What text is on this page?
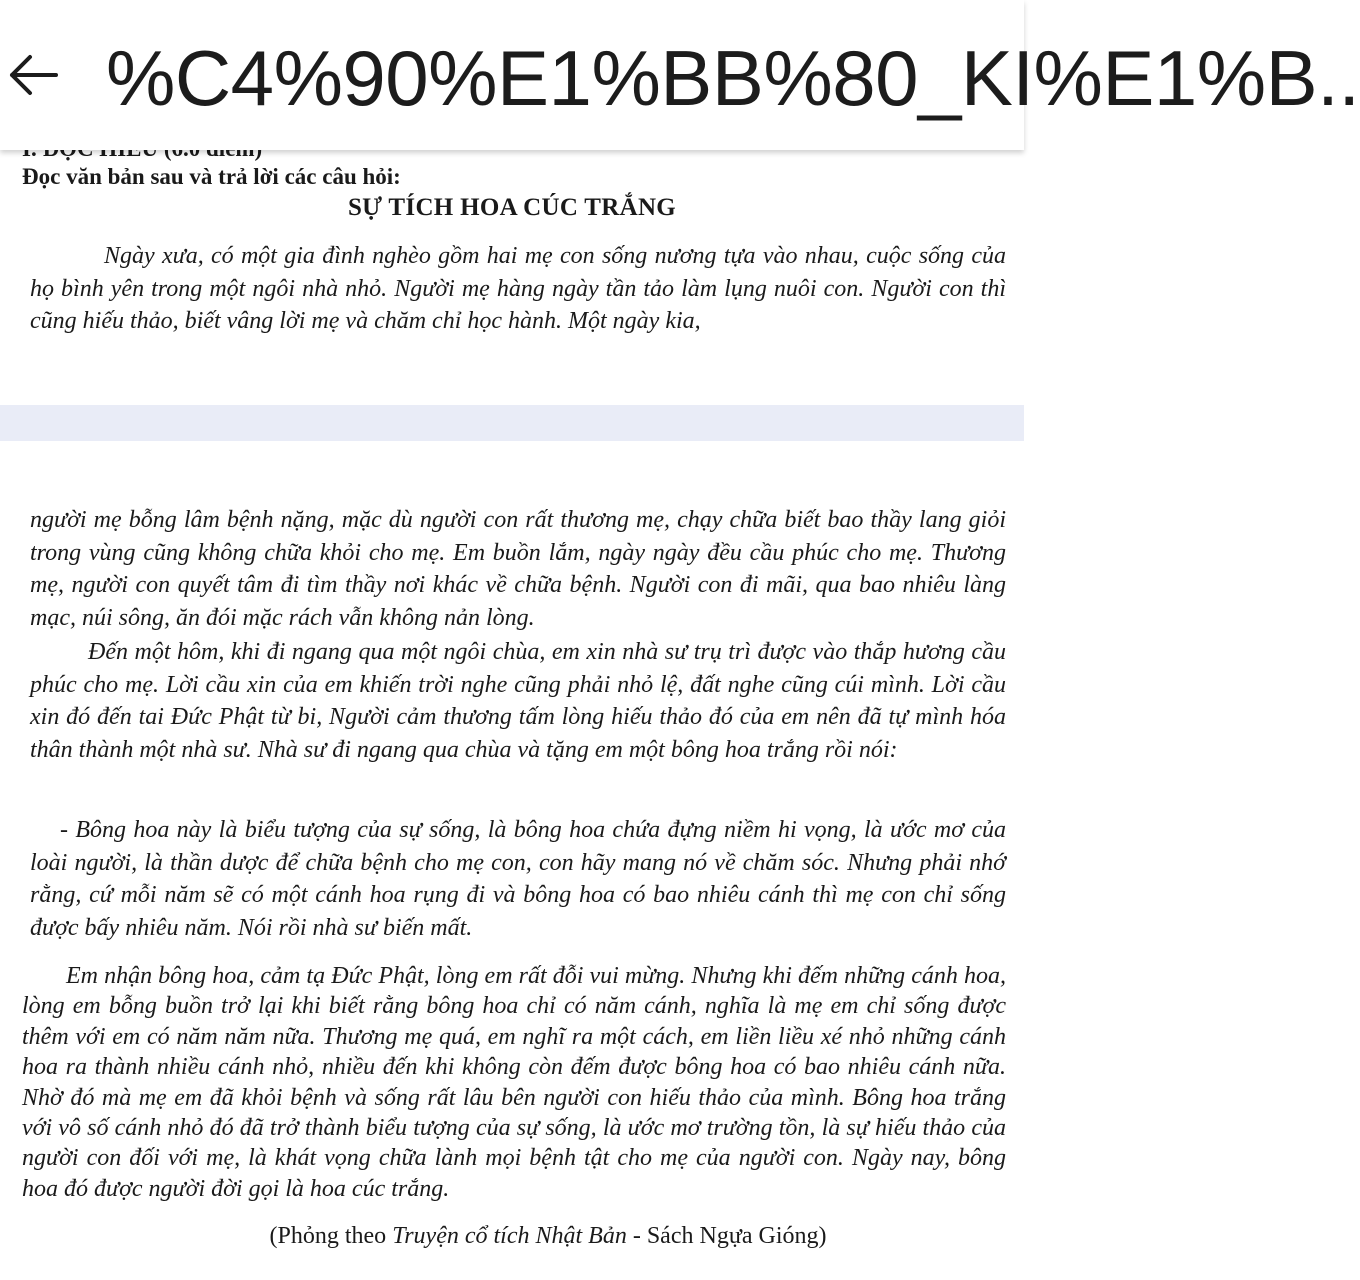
%C4%90%E1%BB%80_KI%E1%B..
Đọc văn bản sau và trả lời các câu hỏi:
SỰ TÍCH HOA CÚC TRẮNG
Ngày xưa, có một gia đình nghèo gồm hai mẹ con sống nương tựa vào nhau, cuộc sống của họ bình yên trong một ngôi nhà nhỏ. Người mẹ hàng ngày tần tảo làm lụng nuôi con. Người con thì cũng hiếu thảo, biết vâng lời mẹ và chăm chỉ học hành. Một ngày kia,
người mẹ bỗng lâm bệnh nặng, mặc dù người con rất thương mẹ, chạy chữa biết bao thầy lang giỏi trong vùng cũng không chữa khỏi cho mẹ. Em buồn lắm, ngày ngày đều cầu phúc cho mẹ. Thương mẹ, người con quyết tâm đi tìm thầy nơi khác về chữa bệnh. Người con đi mãi, qua bao nhiêu làng mạc, núi sông, ăn đói mặc rách vẫn không nản lòng.
Đến một hôm, khi đi ngang qua một ngôi chùa, em xin nhà sư trụ trì được vào thắp hương cầu phúc cho mẹ. Lời cầu xin của em khiến trời nghe cũng phải nhỏ lệ, đất nghe cũng cúi mình. Lời cầu xin đó đến tai Đức Phật từ bi, Người cảm thương tấm lòng hiếu thảo đó của em nên đã tự mình hóa thân thành một nhà sư. Nhà sư đi ngang qua chùa và tặng em một bông hoa trắng rồi nói:
- Bông hoa này là biểu tượng của sự sống, là bông hoa chứa đựng niềm hi vọng, là ước mơ của loài người, là thần dược để chữa bệnh cho mẹ con, con hãy mang nó về chăm sóc. Nhưng phải nhớ rằng, cứ mỗi năm sẽ có một cánh hoa rụng đi và bông hoa có bao nhiêu cánh thì mẹ con chỉ sống được bấy nhiêu năm. Nói rồi nhà sư biến mất.
Em nhận bông hoa, cảm tạ Đức Phật, lòng em rất đỗi vui mừng. Nhưng khi đếm những cánh hoa, lòng em bỗng buồn trở lại khi biết rằng bông hoa chỉ có năm cánh, nghĩa là mẹ em chỉ sống được thêm với em có năm năm nữa. Thương mẹ quá, em nghĩ ra một cách, em liền liều xé nhỏ những cánh hoa ra thành nhiều cánh nhỏ, nhiều đến khi không còn đếm được bông hoa có bao nhiêu cánh nữa. Nhờ đó mà mẹ em đã khỏi bệnh và sống rất lâu bên người con hiếu thảo của mình. Bông hoa trắng với vô số cánh nhỏ đó đã trở thành biểu tượng của sự sống, là ước mơ trường tồn, là sự hiếu thảo của người con đối với mẹ, là khát vọng chữa lành mọi bệnh tật cho mẹ của người con. Ngày nay, bông hoa đó được người đời gọi là hoa cúc trắng.
(Phỏng theo Truyện cổ tích Nhật Bản - Sách Ngựa Gióng)
